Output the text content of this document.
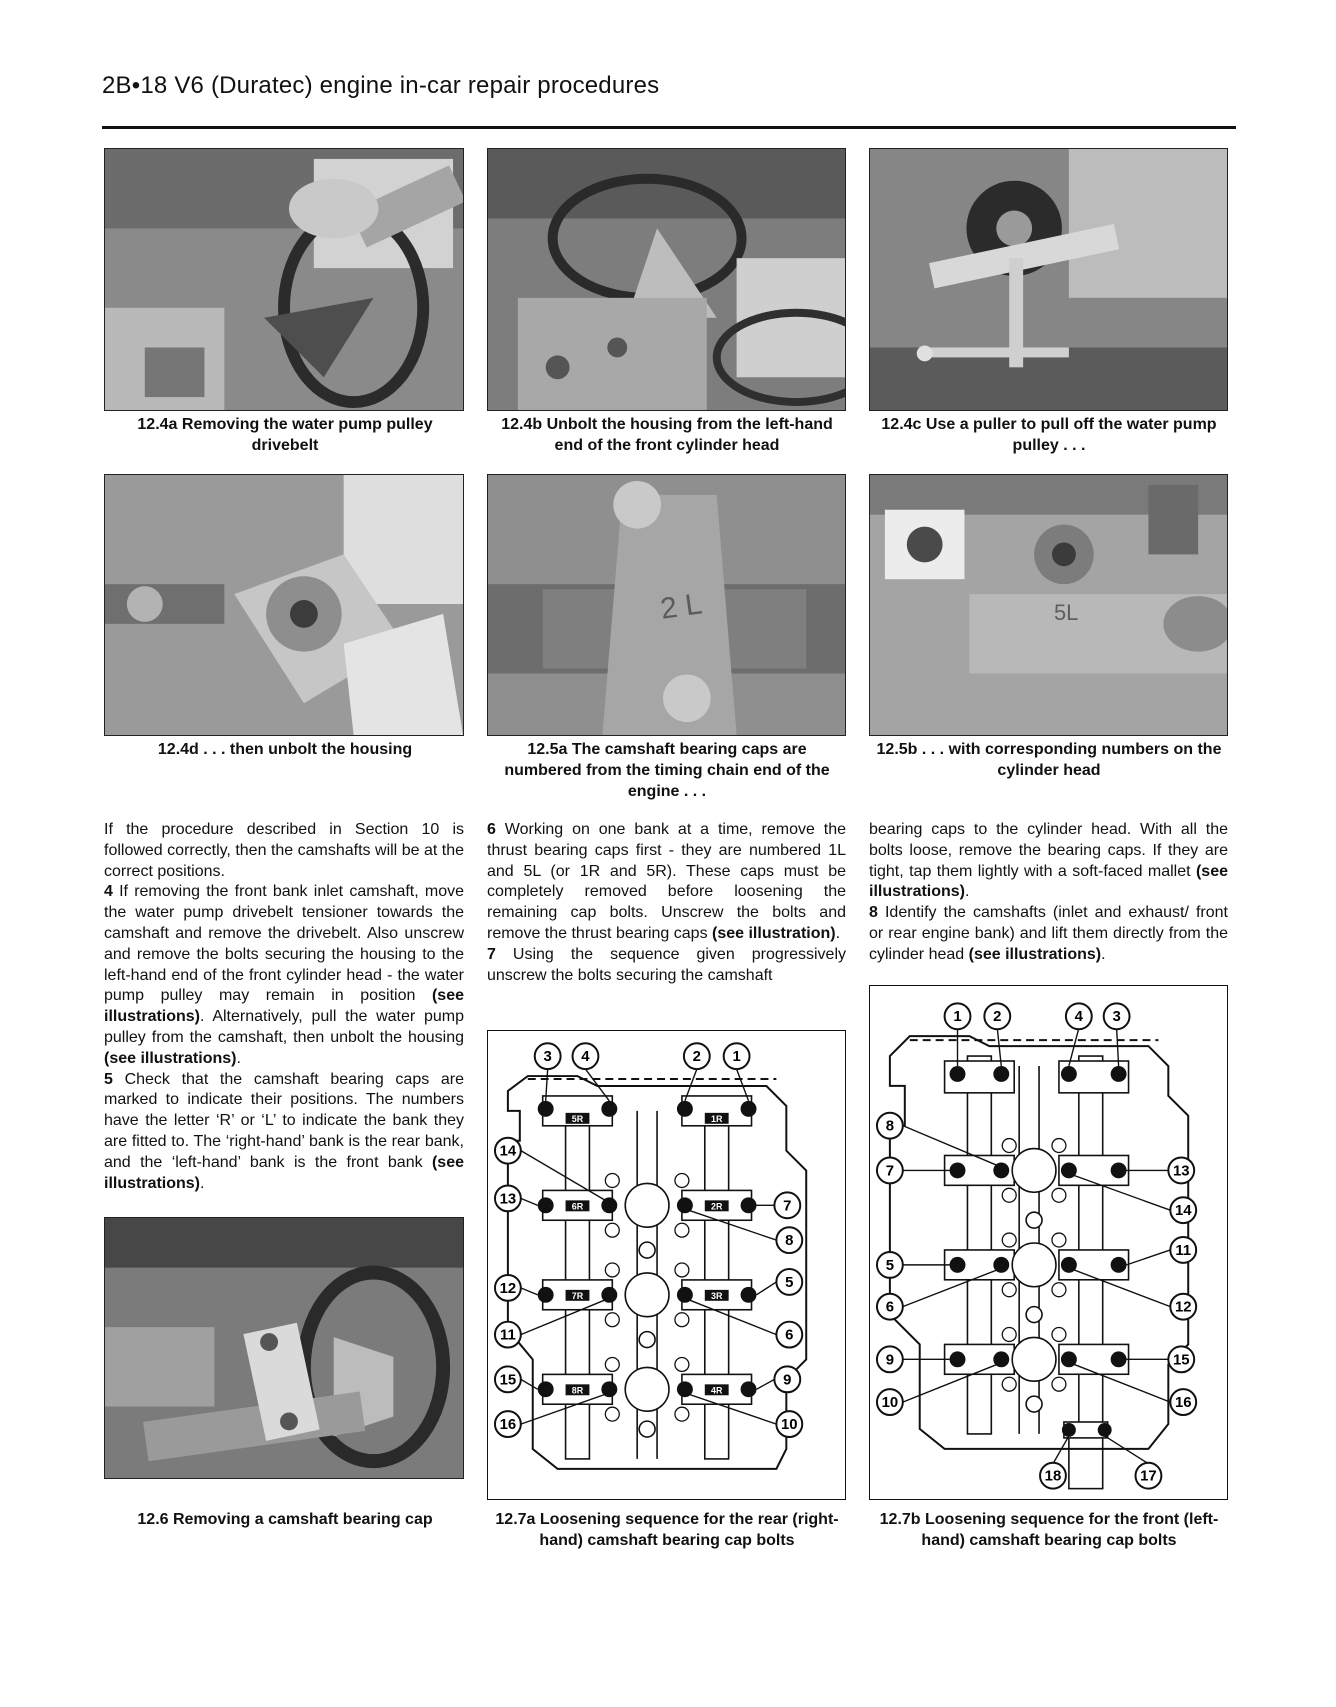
2B•18 V6 (Duratec) engine in-car repair procedures
12.4a Removing the water pump pulley drivebelt
12.4b Unbolt the housing from the left-hand end of the front cylinder head
12.4c Use a puller to pull off the water pump pulley . . .
12.4d . . . then unbolt the housing
2 L
12.5a The camshaft bearing caps are numbered from the timing chain end of the engine . . .
5L
12.5b . . . with corresponding numbers on the cylinder head

If the procedure described in Section 10 is followed correctly, then the camshafts will be at the correct positions.
4 If removing the front bank inlet camshaft, move the water pump drivebelt tensioner towards the camshaft and remove the drivebelt. Also unscrew and remove the bolts securing the housing to the left-hand end of the front cylinder head - the water pump pulley may remain in position (see illustrations). Alternatively, pull the water pump pulley from the camshaft, then unbolt the housing (see illustrations).
5 Check that the camshaft bearing caps are marked to indicate their positions. The numbers have the letter ‘R’ or ‘L’ to indicate the bank they are fitted to. The ‘right-hand’ bank is the rear bank, and the ‘left-hand’ bank is the front bank (see illustrations).

6 Working on one bank at a time, remove the thrust bearing caps first - they are numbered 1L and 5L (or 1R and 5R). These caps must be completely removed before loosening the remaining cap bolts. Unscrew the bolts and remove the thrust bearing caps (see illustration).
7 Using the sequence given progressively unscrew the bolts securing the camshaft

bearing caps to the cylinder head. With all the bolts loose, remove the bearing caps. If they are tight, tap them lightly with a soft-faced mallet (see illustrations).
8 Identify the camshafts (inlet and exhaust/ front or rear engine bank) and lift them directly from the cylinder head (see illustrations).

12.6 Removing a camshaft bearing cap
5R	1R
6R	2R
7R	3R
8R	4R
3 4	2 1
14
13	7
8
5
12
11	6
15	9
16	10
12.7a Loosening sequence for the rear (right-hand) camshaft bearing cap bolts
1 2	4 3
8
7	13
14
11
5
6	12
9	15
10	16
18	17
12.7b Loosening sequence for the front (left-hand) camshaft bearing cap bolts
